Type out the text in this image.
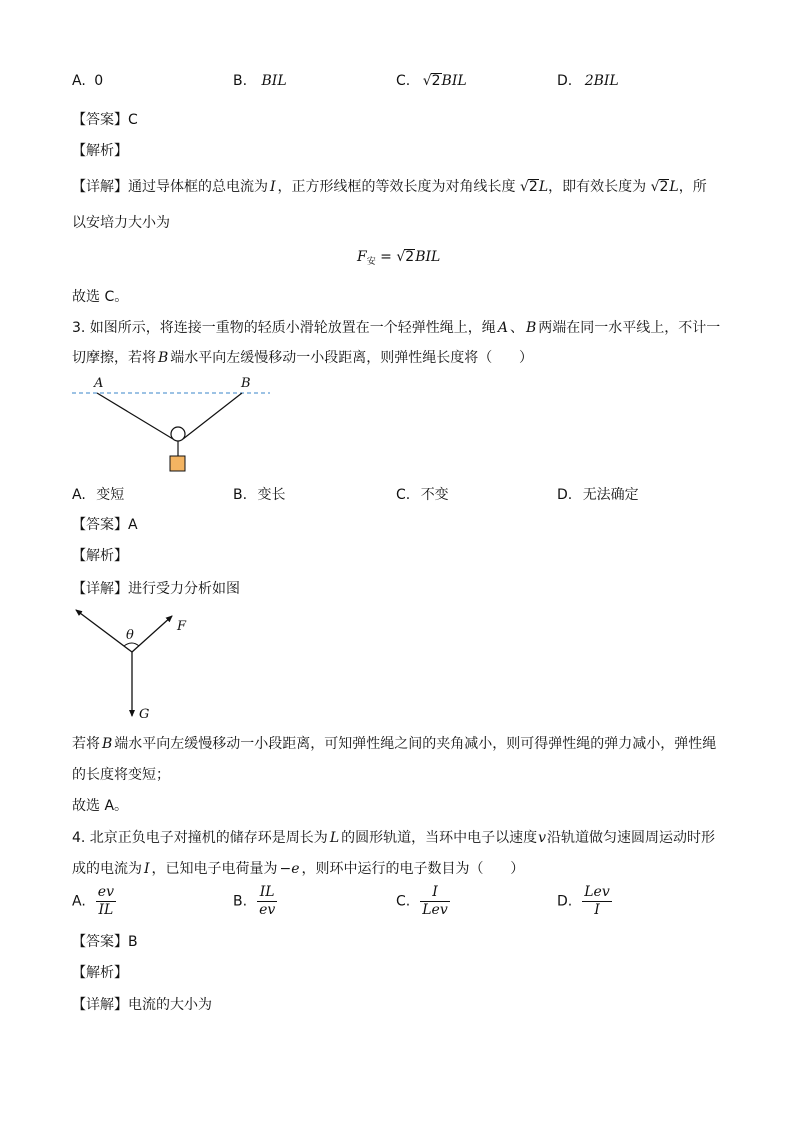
A. 0	B. BIL	C. √2BIL	D. 2BIL
【答案】C
【解析】
【详解】通过导体框的总电流为 I ，正方形线框的等效长度为对角线长度 √2L，即有效长度为 √2L，所
以安培力大小为
$F_安 = √2BIL$
故选 C。
3. 如图所示，将连接一重物的轻质小滑轮放置在一个轻弹性绳上，绳 A 、 B 两端在同一水平线上，不计一
切摩擦，若将 B 端水平向左缓慢移动一小段距离，则弹性绳长度将（      ）
A	B
A. 变短	B. 变长	C. 不变	D. 无法确定
【答案】A
【解析】
【详解】进行受力分析如图
θ
F
G
若将 B 端水平向左缓慢移动一小段距离，可知弹性绳之间的夹角减小，则可得弹性绳的弹力减小，弹性绳
的长度将变短；
故选 A。
4. 北京正负电子对撞机的储存环是周长为 L 的圆形轨道，当环中电子以速度v沿轨道做匀速圆周运动时形
成的电流为 I ，已知电子电荷量为 −e ，则环中运行的电子数目为（      ）
A. $\frac{ev}{IL}$	B. $\frac{IL}{ev}$	C. $\frac{I}{\text{Lev}}$	D. $\frac{\text{Lev}}{I}$
【答案】B
【解析】
【详解】电流的大小为
